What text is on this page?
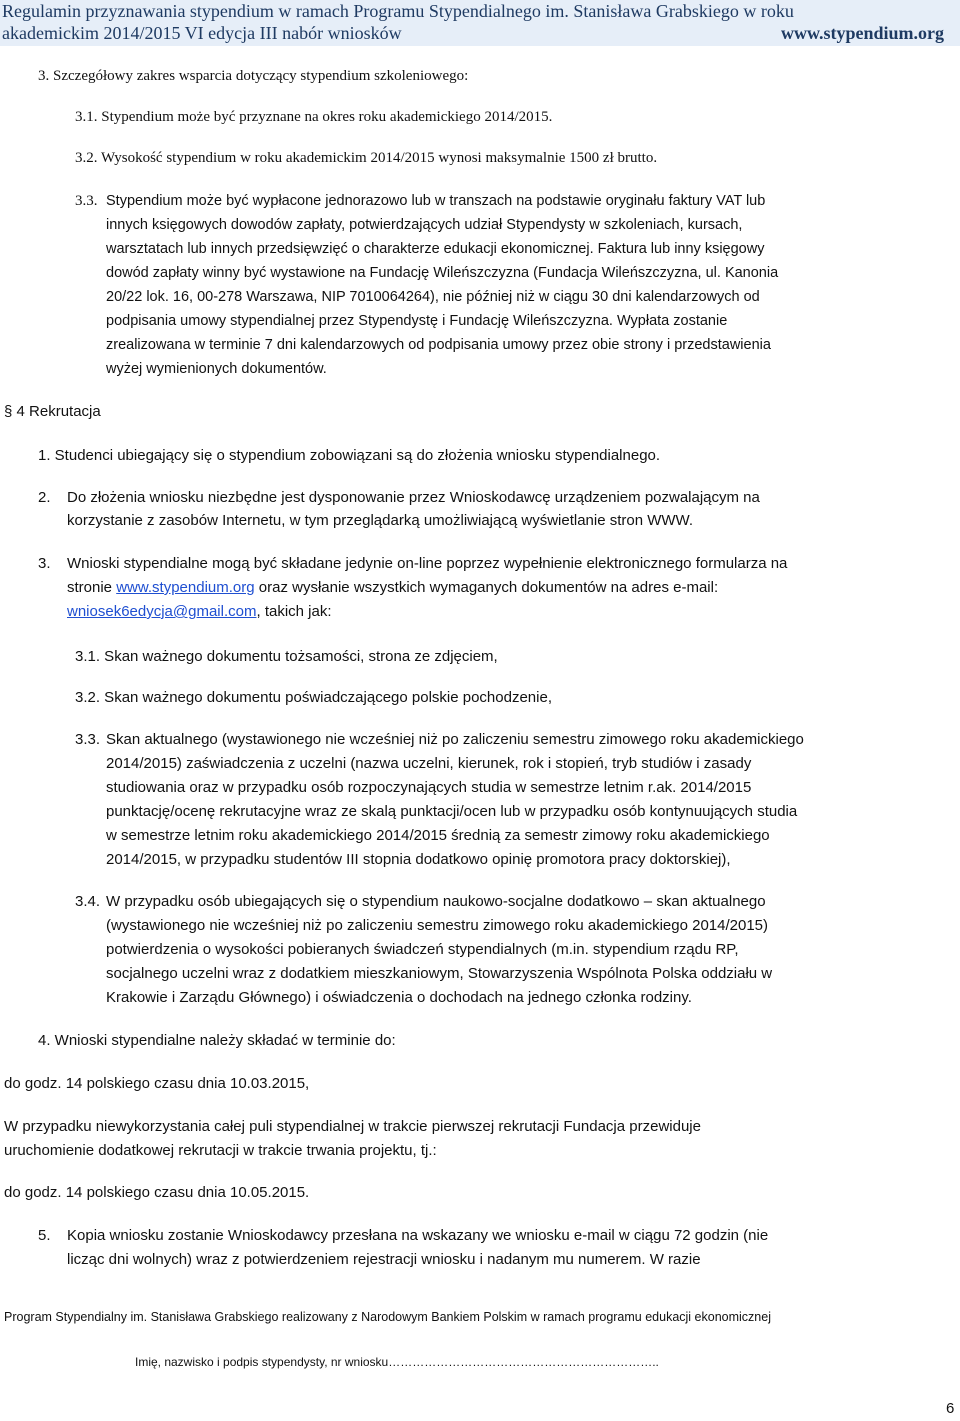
Regulamin przyznawania stypendium w ramach Programu Stypendialnego im. Stanisława Grabskiego w roku
akademickim 2014/2015 VI edycja III nabór wniosków	www.stypendium.org
3. Szczegółowy zakres wsparcia dotyczący stypendium szkoleniowego:
3.1. Stypendium może być przyznane na okres roku akademickiego 2014/2015.
3.2. Wysokość stypendium w roku akademickim 2014/2015 wynosi maksymalnie 1500 zł brutto.
3.3. Stypendium może być wypłacone jednorazowo lub w transzach na podstawie oryginału faktury VAT lub
innych księgowych dowodów zapłaty, potwierdzających udział Stypendysty w szkoleniach, kursach,
warsztatach lub innych przedsięwzięć o charakterze edukacji ekonomicznej. Faktura lub inny księgowy
dowód zapłaty winny być wystawione na Fundację Wileńszczyzna (Fundacja Wileńszczyzna, ul. Kanonia
20/22 lok. 16, 00-278 Warszawa, NIP 7010064264), nie później niż w ciągu 30 dni kalendarzowych od
podpisania umowy stypendialnej przez Stypendystę i Fundację Wileńszczyzna. Wypłata zostanie
zrealizowana w terminie 7 dni kalendarzowych od podpisania umowy przez obie strony i przedstawienia
wyżej wymienionych dokumentów.
§ 4 Rekrutacja
1. Studenci ubiegający się o stypendium zobowiązani są do złożenia wniosku stypendialnego.
2. Do złożenia wniosku niezbędne jest dysponowanie przez Wnioskodawcę urządzeniem pozwalającym na
korzystanie z zasobów Internetu, w tym przeglądarką umożliwiającą wyświetlanie stron WWW.
3. Wnioski stypendialne mogą być składane jedynie on-line poprzez wypełnienie elektronicznego formularza na
stronie www.stypendium.org oraz wysłanie wszystkich wymaganych dokumentów na adres e-mail:
wniosek6edycja@gmail.com, takich jak:
3.1. Skan ważnego dokumentu tożsamości, strona ze zdjęciem,
3.2. Skan ważnego dokumentu poświadczającego polskie pochodzenie,
3.3. Skan aktualnego (wystawionego nie wcześniej niż po zaliczeniu semestru zimowego roku akademickiego
2014/2015) zaświadczenia z uczelni (nazwa uczelni, kierunek, rok i stopień, tryb studiów i zasady
studiowania oraz w przypadku osób rozpoczynających studia w semestrze letnim r.ak. 2014/2015
punktację/ocenę rekrutacyjne wraz ze skalą punktacji/ocen lub w przypadku osób kontynuujących studia
w semestrze letnim roku akademickiego 2014/2015 średnią za semestr zimowy roku akademickiego
2014/2015, w przypadku studentów III stopnia dodatkowo opinię promotora pracy doktorskiej),
3.4. W przypadku osób ubiegających się o stypendium naukowo-socjalne dodatkowo – skan aktualnego
(wystawionego nie wcześniej niż po zaliczeniu semestru zimowego roku akademickiego 2014/2015)
potwierdzenia o wysokości pobieranych świadczeń stypendialnych (m.in. stypendium rządu RP,
socjalnego uczelni wraz z dodatkiem mieszkaniowym, Stowarzyszenia Wspólnota Polska oddziału w
Krakowie i Zarządu Głównego) i oświadczenia o dochodach na jednego członka rodziny.
4. Wnioski stypendialne należy składać w terminie do:
do godz. 14 polskiego czasu dnia 10.03.2015,
W przypadku niewykorzystania całej puli stypendialnej w trakcie pierwszej rekrutacji Fundacja przewiduje
uruchomienie dodatkowej rekrutacji w trakcie trwania projektu, tj.:
do godz. 14 polskiego czasu dnia 10.05.2015.
5. Kopia wniosku zostanie Wnioskodawcy przesłana na wskazany we wniosku e-mail w ciągu 72 godzin (nie
licząc dni wolnych) wraz z potwierdzeniem rejestracji wniosku i nadanym mu numerem. W razie
Program Stypendialny im. Stanisława Grabskiego realizowany z Narodowym Bankiem Polskim w ramach programu edukacji ekonomicznej
Imię, nazwisko i podpis stypendysty, nr wniosku…………………………………………………………..
6
